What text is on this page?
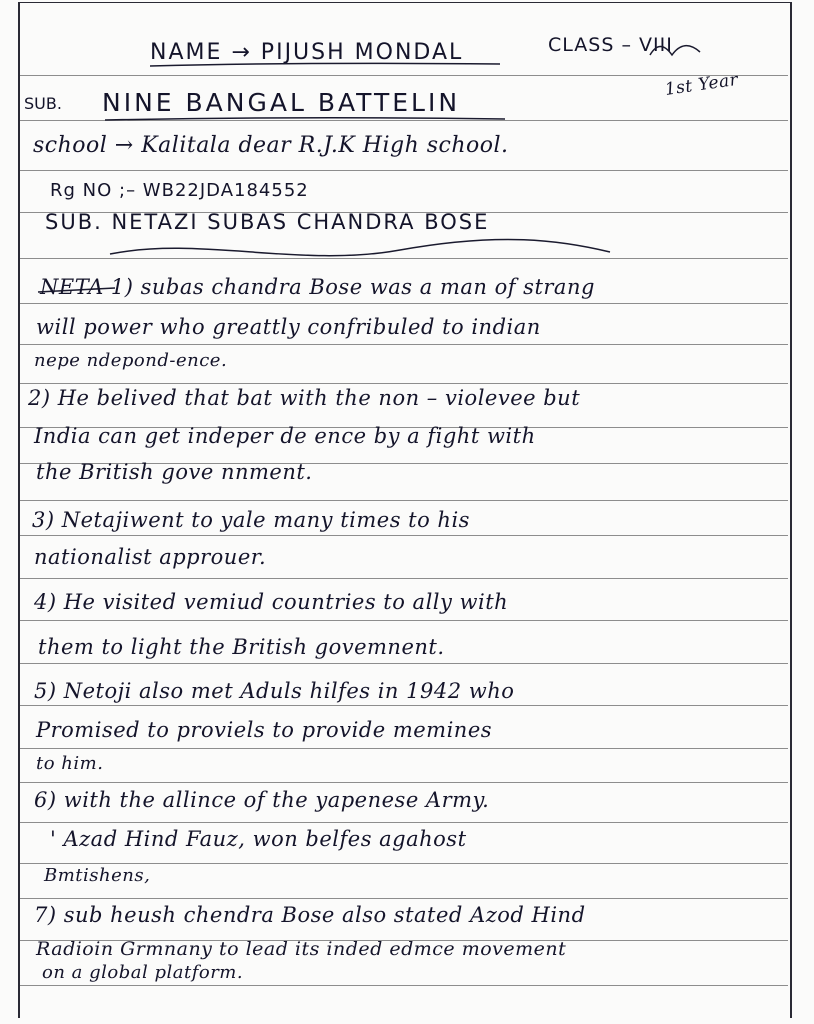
NAME → PIJUSH MONDAL	CLASS – VIII
1st Year
SUB. NINE BANGAL BATTELIN
school → Kalitala dear R.J.K High school.
Rg NO ;– WB22JDA184552
SUB. NETAZI SUBAS CHANDRA BOSE
NETA 1) subas chandra Bose was a man of strang
will power who greattly confribuled to indian
nepe ndepond-ence.
2) He belived that bat with the non – violevee but
India can get indeper de ence by a fight with
the British gove nnment.
3) Netajiwent to yale many times to his
nationalist approuer.
4) He visited vemiud countries to ally with
them to light the British govemnent.
5) Netoji also met Aduls hilfes in 1942 who
Promised to proviels to provide memines
to him.
6) with the allince of the yapenese Army.
' Azad Hind Fauz, won belfes agahost
Bmtishens,
7) sub heush chendra Bose also stated Azod Hind
Radioin Grmnany to lead its inded edmce movement
on a global platform.
